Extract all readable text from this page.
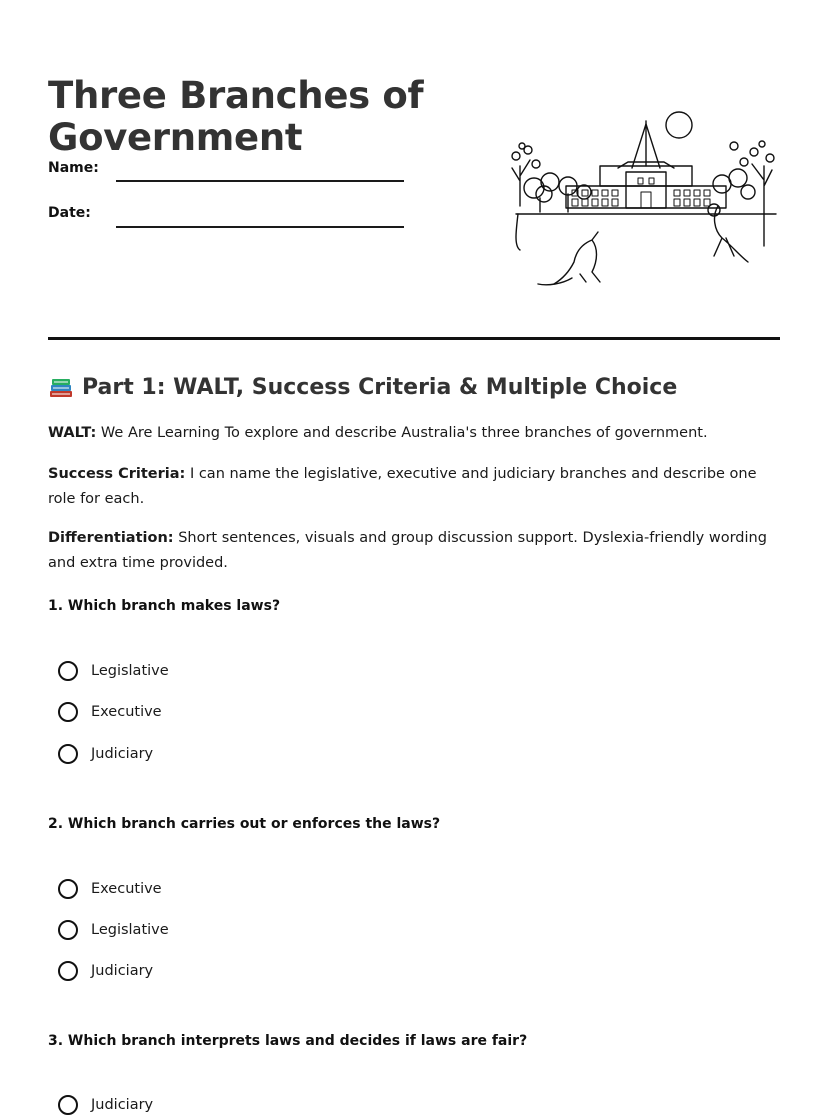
Three Branches of Government
Name:
Date:
Part 1: WALT, Success Criteria & Multiple Choice

WALT: We Are Learning To explore and describe Australia's three branches of government.

Success Criteria: I can name the legislative, executive and judiciary branches and describe one role for each.

Differentiation: Short sentences, visuals and group discussion support. Dyslexia-friendly wording and extra time provided.

1. Which branch makes laws?
Legislative
Executive
Judiciary
2. Which branch carries out or enforces the laws?
Executive
Legislative
Judiciary
3. Which branch interprets laws and decides if laws are fair?
Judiciary
